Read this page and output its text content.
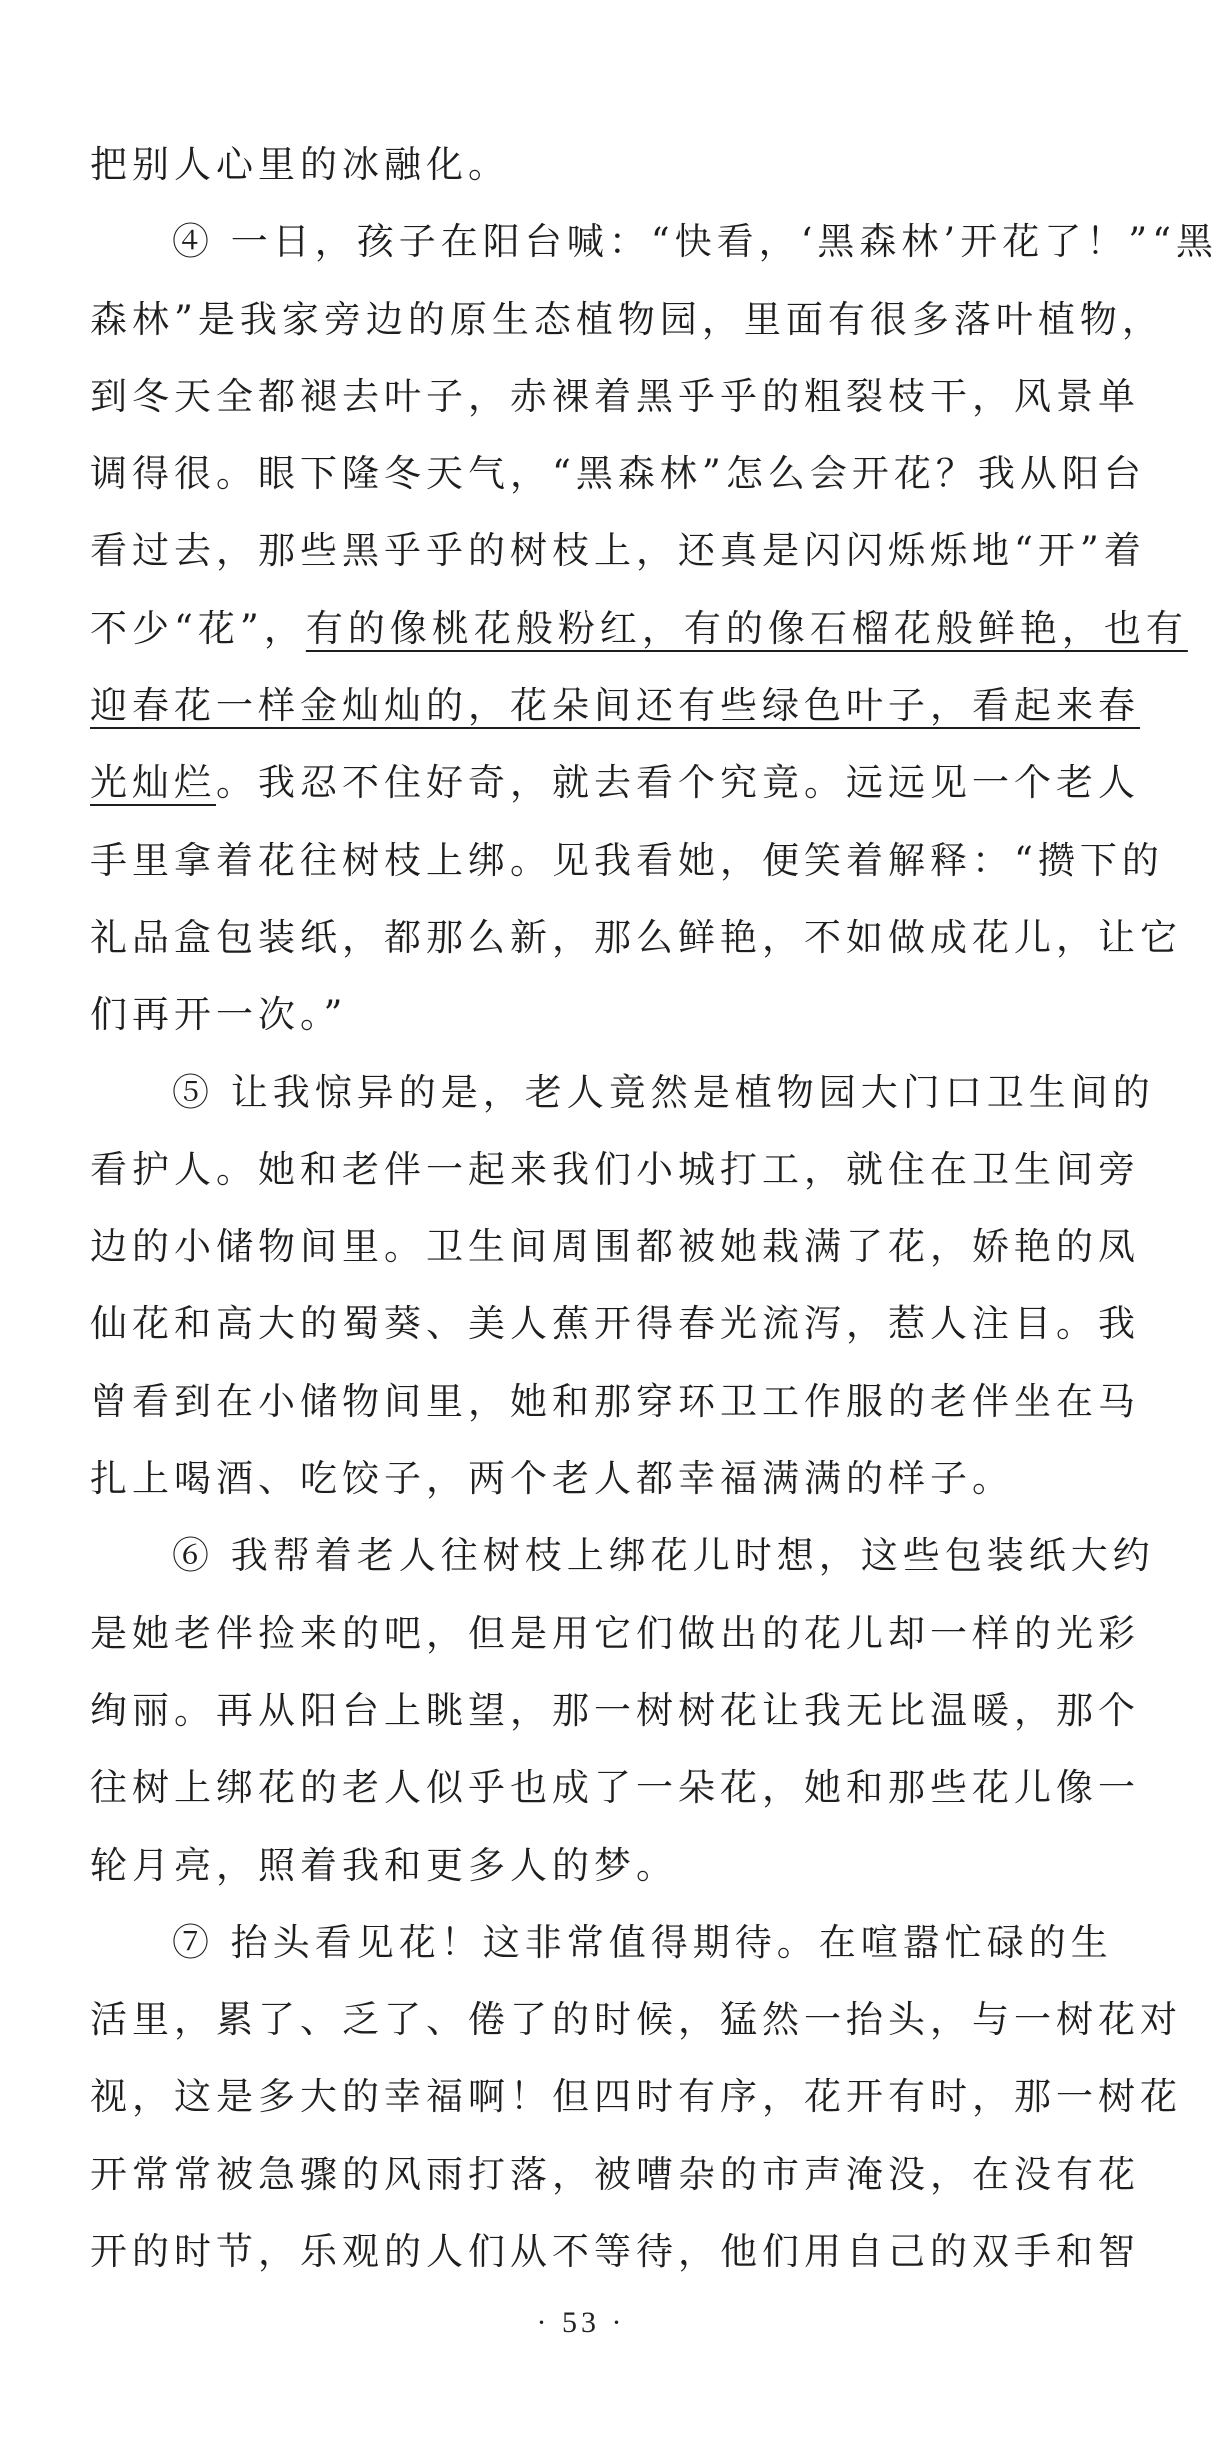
把别人心里的冰融化。
④ 一日，孩子在阳台喊：“快看，‘黑森林’开花了！”“黑
森林”是我家旁边的原生态植物园，里面有很多落叶植物，
到冬天全都褪去叶子，赤裸着黑乎乎的粗裂枝干，风景单
调得很。眼下隆冬天气，“黑森林”怎么会开花？我从阳台
看过去，那些黑乎乎的树枝上，还真是闪闪烁烁地“开”着
不少“花”，有的像桃花般粉红，有的像石榴花般鲜艳，也有
迎春花一样金灿灿的，花朵间还有些绿色叶子，看起来春
光灿烂。我忍不住好奇，就去看个究竟。远远见一个老人
手里拿着花往树枝上绑。见我看她，便笑着解释：“攒下的
礼品盒包装纸，都那么新，那么鲜艳，不如做成花儿，让它
们再开一次。”
⑤ 让我惊异的是，老人竟然是植物园大门口卫生间的
看护人。她和老伴一起来我们小城打工，就住在卫生间旁
边的小储物间里。卫生间周围都被她栽满了花，娇艳的凤
仙花和高大的蜀葵、美人蕉开得春光流泻，惹人注目。我
曾看到在小储物间里，她和那穿环卫工作服的老伴坐在马
扎上喝酒、吃饺子，两个老人都幸福满满的样子。
⑥ 我帮着老人往树枝上绑花儿时想，这些包装纸大约
是她老伴捡来的吧，但是用它们做出的花儿却一样的光彩
绚丽。再从阳台上眺望，那一树树花让我无比温暖，那个
往树上绑花的老人似乎也成了一朵花，她和那些花儿像一
轮月亮，照着我和更多人的梦。
⑦ 抬头看见花！这非常值得期待。在喧嚣忙碌的生
活里，累了、乏了、倦了的时候，猛然一抬头，与一树花对
视，这是多大的幸福啊！但四时有序，花开有时，那一树花
开常常被急骤的风雨打落，被嘈杂的市声淹没，在没有花
开的时节，乐观的人们从不等待，他们用自己的双手和智
· 53 ·
